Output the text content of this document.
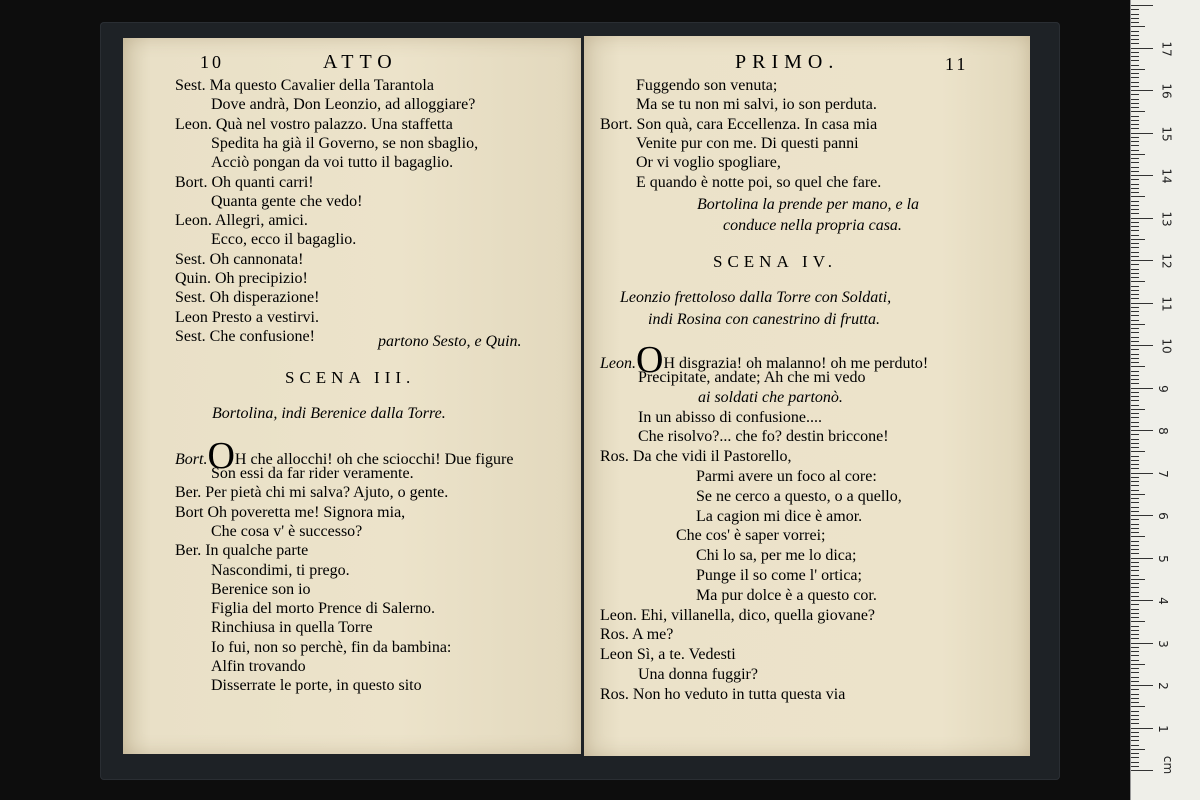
10	ATTO
Sest. Ma questo Cavalier della Tarantola
Dove andrà, Don Leonzio, ad alloggiare?
Leon. Quà nel vostro palazzo. Una staffetta
Spedita ha già il Governo, se non sbaglio,
Acciò pongan da voi tutto il bagaglio.
Bort. Oh quanti carri!
Quanta gente che vedo!
Leon. Allegri, amici.
Ecco, ecco il bagaglio.
Sest. Oh cannonata!
Quin. Oh precipizio!
Sest. Oh disperazione!
Leon Presto a vestirvi.
Sest. Che confusione!	partono Sesto, e Quin.
SCENA III.
Bortolina, indi Berenice dalla Torre.
Bort.OH che allocchi! oh che sciocchi! Due figure
Son essi da far rider veramente.
Ber. Per pietà chi mi salva? Ajuto, o gente.
Bort Oh poveretta me! Signora mia,
Che cosa v' è successo?
Ber. In qualche parte
Nascondimi, ti prego.
Berenice son io
Figlia del morto Prence di Salerno.
Rinchiusa in quella Torre
Io fui, non so perchè, fin da bambina:
Alfin trovando
Disserrate le porte, in questo sito
PRIMO.	11
Fuggendo son venuta;
Ma se tu non mi salvi, io son perduta.
Bort. Son quà, cara Eccellenza. In casa mia
Venite pur con me. Di questi panni
Or vi voglio spogliare,
E quando è notte poi, so quel che fare.
Bortolina la prende per mano, e la
conduce nella propria casa.
SCENA IV.
Leonzio frettoloso dalla Torre con Soldati,
indi Rosina con canestrino di frutta.
Leon.OH disgrazia! oh malanno! oh me perduto!
Precipitate, andate; Ah che mi vedo
ai soldati che partonò.
In un abisso di confusione....
Che risolvo?... che fo? destin briccone!
Ros. Da che vidi il Pastorello,
Parmi avere un foco al core:
Se ne cerco a questo, o a quello,
La cagion mi dice è amor.
Che cos' è saper vorrei;
Chi lo sa, per me lo dica;
Punge il so come l' ortica;
Ma pur dolce è a questo cor.
Leon. Ehi, villanella, dico, quella giovane?
Ros. A me?
Leon Sì, a te. Vedesti
Una donna fuggir?
Ros. Non ho veduto in tutta questa via
1
2
3
4
5
6
7
8
9
10
11
12
13
14
15
16
17
cm
